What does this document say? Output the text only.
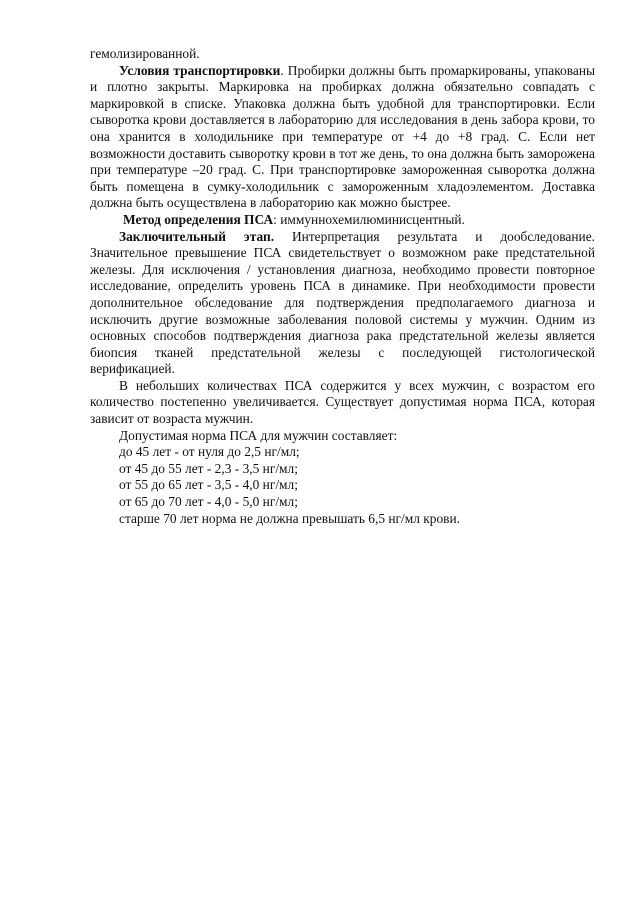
гемолизированной.

Условия транспортировки. Пробирки должны быть промаркированы, упакованы и плотно закрыты. Маркировка на пробирках должна обязательно совпадать с маркировкой в списке. Упаковка должна быть удобной для транспортировки. Если сыворотка крови доставляется в лабораторию для исследования в день забора крови, то она хранится в холодильнике при температуре от +4 до +8 град. С. Если нет возможности доставить сыворотку крови в тот же день, то она должна быть заморожена при температуре –20 град. С. При транспортировке замороженная сыворотка должна быть помещена в сумку-холодильник с замороженным хладоэлементом. Доставка должна быть осуществлена в лабораторию как можно быстрее.

Метод определения ПСА: иммуннохемилюминисцентный.

Заключительный этап. Интерпретация результата и дообследование. Значительное превышение ПСА свидетельствует о возможном раке предстательной железы. Для исключения / установления диагноза, необходимо провести повторное исследование, определить уровень ПСА в динамике. При необходимости провести дополнительное обследование для подтверждения предполагаемого диагноза и исключить другие возможные заболевания половой системы у мужчин. Одним из основных способов подтверждения диагноза рака предстательной железы является биопсия тканей предстательной железы с последующей гистологической верификацией.

В небольших количествах ПСА содержится у всех мужчин, с возрастом его количество постепенно увеличивается. Существует допустимая норма ПСА, которая зависит от возраста мужчин.

Допустимая норма ПСА для мужчин составляет:

до 45 лет - от нуля до 2,5 нг/мл;

от 45 до 55 лет - 2,3 - 3,5 нг/мл;

от 55 до 65 лет - 3,5 - 4,0 нг/мл;

от 65 до 70 лет - 4,0 - 5,0 нг/мл;

старше 70 лет норма не должна превышать 6,5 нг/мл крови.
